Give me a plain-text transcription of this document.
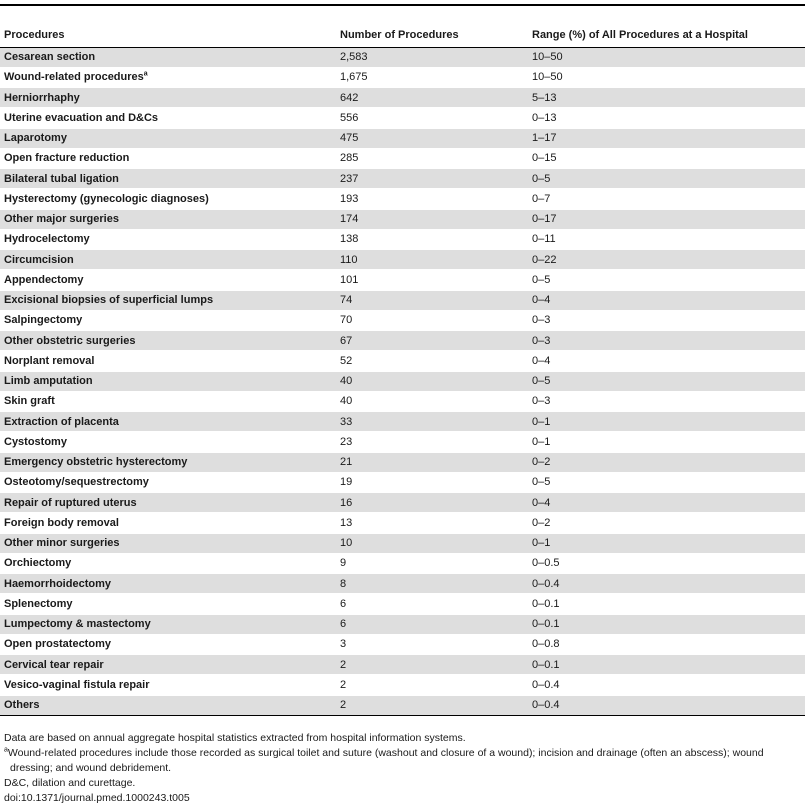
Procedures	Number of Procedures	Range (%) of All Procedures at a Hospital
Cesarean section	2,583	10–50
Wound-related procedures$^a$	1,675	10–50
Herniorrhaphy	642	5–13
Uterine evacuation and D&Cs	556	0–13
Laparotomy	475	1–17
Open fracture reduction	285	0–15
Bilateral tubal ligation	237	0–5
Hysterectomy (gynecologic diagnoses)	193	0–7
Other major surgeries	174	0–17
Hydrocelectomy	138	0–11
Circumcision	110	0–22
Appendectomy	101	0–5
Excisional biopsies of superficial lumps	74	0–4
Salpingectomy	70	0–3
Other obstetric surgeries	67	0–3
Norplant removal	52	0–4
Limb amputation	40	0–5
Skin graft	40	0–3
Extraction of placenta	33	0–1
Cystostomy	23	0–1
Emergency obstetric hysterectomy	21	0–2
Osteotomy/sequestrectomy	19	0–5
Repair of ruptured uterus	16	0–4
Foreign body removal	13	0–2
Other minor surgeries	10	0–1
Orchiectomy	9	0–0.5
Haemorrhoidectomy	8	0–0.4
Splenectomy	6	0–0.1
Lumpectomy & mastectomy	6	0–0.1
Open prostatectomy	3	0–0.8
Cervical tear repair	2	0–0.1
Vesico-vaginal fistula repair	2	0–0.4
Others	2	0–0.4

Data are based on annual aggregate hospital statistics extracted from hospital information systems.

$^a$Wound-related procedures include those recorded as surgical toilet and suture (washout and closure of a wound); incision and drainage (often an abscess); wound

dressing; and wound debridement.

D&C, dilation and curettage.

doi:10.1371/journal.pmed.1000243.t005
